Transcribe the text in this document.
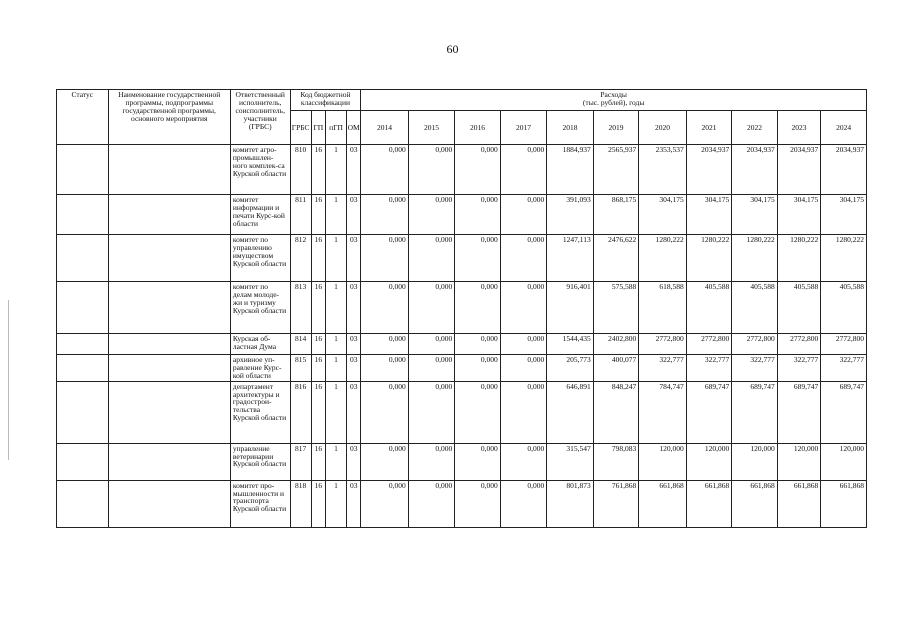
60
Статус	Наименование государственной программы, подпрограммы государственной программы, основного мероприятия	Ответственный исполнитель, соисполнитель, участники (ГРБС)	Код бюджетной классификации				Расходы
(тыс. рублей), годы										
			ГРБС	ГП	пГП	ОМ	2014	2015	2016	2017	2018	2019	2020	2021	2022	2023	2024
		комитет агро-промышлен-ного комплек-са Курской области	810	16	1	03	0,000	0,000	0,000	0,000	1884,937	2565,937	2353,537	2034,937	2034,937	2034,937	2034,937
		комитет информации и печати Курс-кой области	811	16	1	03	0,000	0,000	0,000	0,000	391,093	868,175	304,175	304,175	304,175	304,175	304,175
		комитет по управлению имуществом Курской области	812	16	1	03	0,000	0,000	0,000	0,000	1247,113	2476,622	1280,222	1280,222	1280,222	1280,222	1280,222
		комитет по делам молоде-жи и туризму Курской области	813	16	1	03	0,000	0,000	0,000	0,000	916,401	575,588	618,588	405,588	405,588	405,588	405,588
		Курская об-ластная Дума	814	16	1	03	0,000	0,000	0,000	0,000	1544,435	2402,800	2772,800	2772,800	2772,800	2772,800	2772,800
		архивное уп-равление Курс-кой области	815	16	1	03	0,000	0,000	0,000	0,000	205,773	400,077	322,777	322,777	322,777	322,777	322,777
		департамент архитектуры и градострои-тельства Курской области	816	16	1	03	0,000	0,000	0,000	0,000	646,891	848,247	784,747	689,747	689,747	689,747	689,747
		управление ветеринарии Курской области	817	16	1	03	0,000	0,000	0,000	0,000	315,547	798,083	120,000	120,000	120,000	120,000	120,000
		комитет про-мышленности и транспорта Курской области	818	16	1	03	0,000	0,000	0,000	0,000	801,873	761,868	661,868	661,868	661,868	661,868	661,868
